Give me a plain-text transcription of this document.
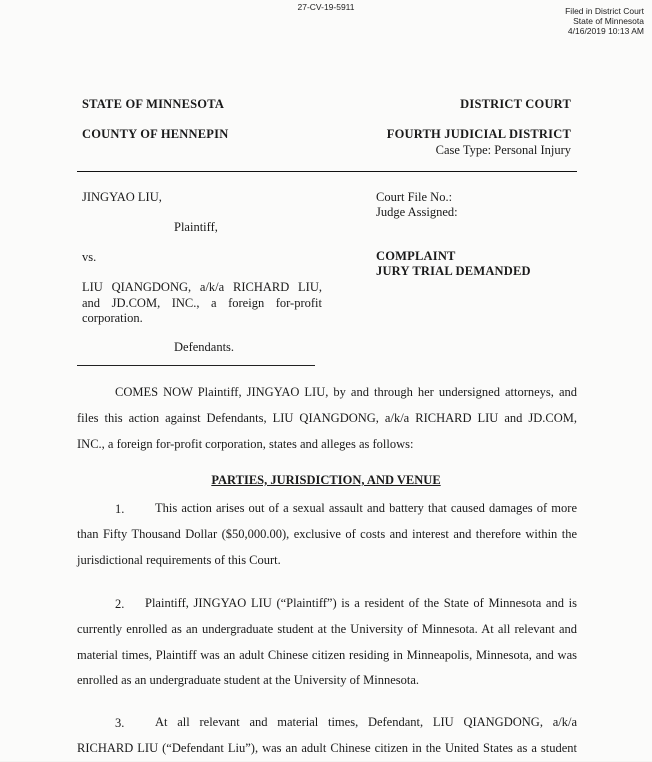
27-CV-19-5911	Filed in District Court
State of Minnesota
4/16/2019 10:13 AM
STATE OF MINNESOTA
COUNTY OF HENNEPIN
DISTRICT COURT
FOURTH JUDICIAL DISTRICT
Case Type: Personal Injury
JINGYAO LIU,
Plaintiff,
vs.
LIU QIANGDONG, a/k/a RICHARD LIU,
and JD.COM, INC., a foreign for-profit
corporation.
Defendants.
Court File No.:
Judge Assigned:
COMPLAINT
JURY TRIAL DEMANDED
COMES NOW Plaintiff, JINGYAO LIU, by and through her undersigned attorneys, and
files this action against Defendants, LIU QIANGDONG, a/k/a RICHARD LIU and JD.COM,
INC., a foreign for-profit corporation, states and alleges as follows:
PARTIES, JURISDICTION, AND VENUE
1.	This action arises out of a sexual assault and battery that caused damages of more
than Fifty Thousand Dollar ($50,000.00), exclusive of costs and interest and therefore within the
jurisdictional requirements of this Court.
2.	Plaintiff, JINGYAO LIU (“Plaintiff”) is a resident of the State of Minnesota and is
currently enrolled as an undergraduate student at the University of Minnesota. At all relevant and
material times, Plaintiff was an adult Chinese citizen residing in Minneapolis, Minnesota, and was
enrolled as an undergraduate student at the University of Minnesota.
3.	At all relevant and material times, Defendant, LIU QIANGDONG, a/k/a
RICHARD LIU (“Defendant Liu”), was an adult Chinese citizen in the United States as a student
